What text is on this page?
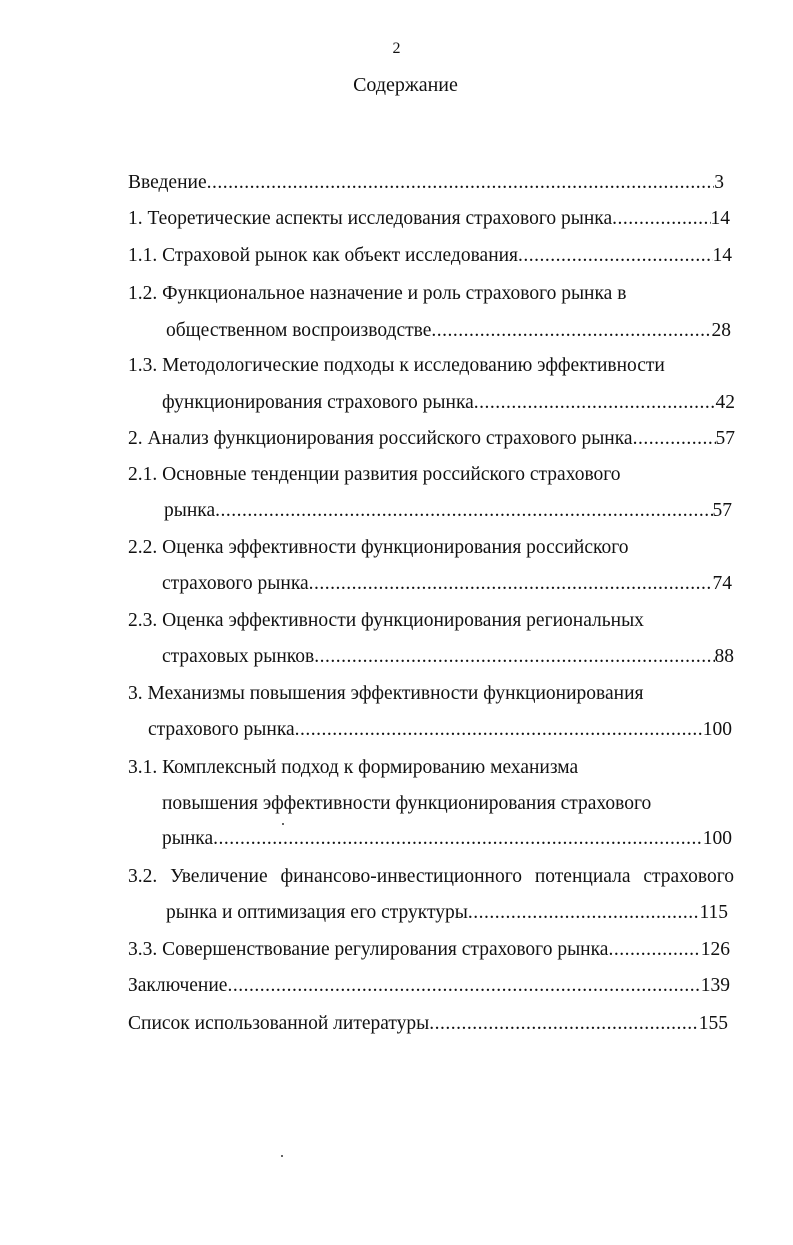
2
Содержание
Введение .....	3
1. Теоретические аспекты исследования страхового рынка .....	14
1.1. Страховой рынок как объект исследования .....	14
1.2. Функциональное назначение и роль страхового рынка в
общественном воспроизводстве .....	28
1.3. Методологические подходы к исследованию эффективности
функционирования страхового рынка .....	42
2. Анализ функционирования российского страхового рынка .....	57
2.1. Основные тенденции развития российского страхового
рынка .....	57
2.2. Оценка эффективности функционирования российского
страхового рынка .....	74
2.3. Оценка эффективности функционирования региональных
страховых рынков .....	88
3. Механизмы повышения эффективности функционирования
страхового рынка .....	100
3.1. Комплексный подход к формированию механизма
повышения эффективности функционирования страхового
рынка .....	100
3.2. Увеличение финансово-инвестиционного потенциала страхового
рынка и оптимизация его структуры .....	115
3.3. Совершенствование регулирования страхового рынка .....	126
Заключение .....	139
Список использованной литературы .....	155
